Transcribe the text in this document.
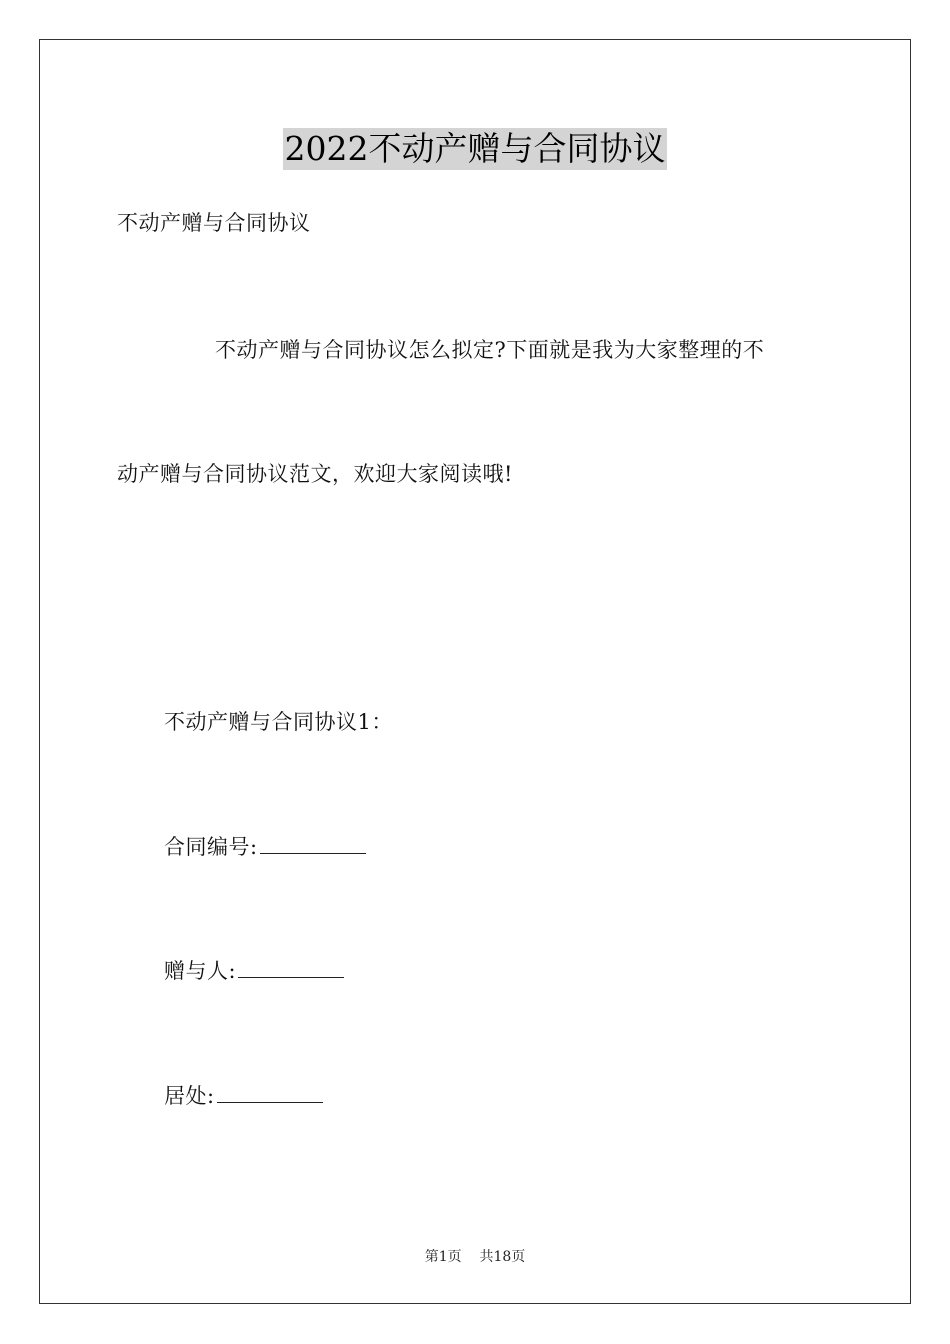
2022不动产赠与合同协议
不动产赠与合同协议
不动产赠与合同协议怎么拟定?下面就是我为大家整理的不
动产赠与合同协议范文，欢迎大家阅读哦!
不动产赠与合同协议1：
合同编号:
赠与人:
居处:
第1页 共18页
